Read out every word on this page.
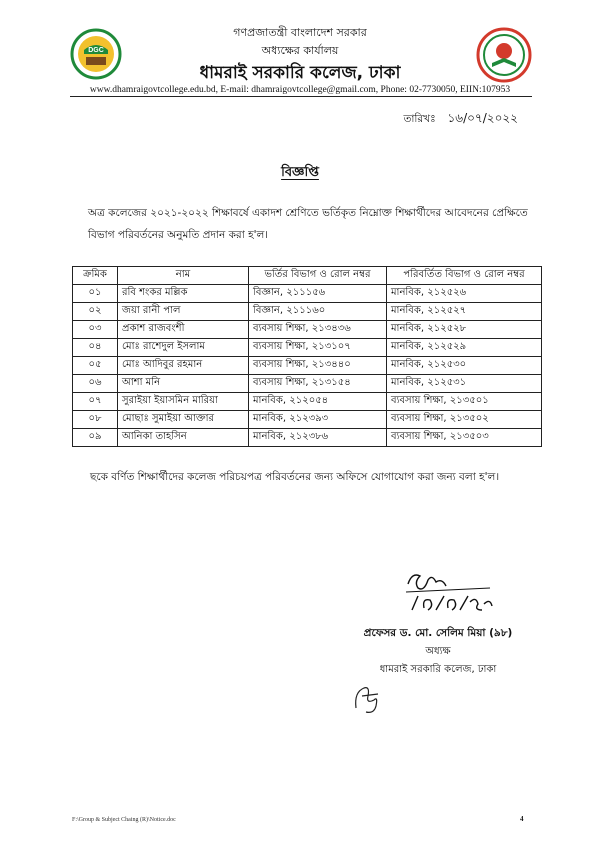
DGC
গণপ্রজাতন্ত্রী বাংলাদেশ সরকার
অধ্যক্ষের কার্যালয়
ধামরাই সরকারি কলেজ, ঢাকা
www.dhamraigovtcollege.edu.bd, E-mail: dhamraigovtcollege@gmail.com, Phone: 02-7730050, EIIN:107953
তারিখঃ ১৬/০৭/২০২২
বিজ্ঞপ্তি
অত্র কলেজের ২০২১-২০২২ শিক্ষাবর্ষে একাদশ শ্রেণিতে ভর্তিকৃত নিম্নোক্ত শিক্ষার্থীদের আবেদনের প্রেক্ষিতে বিভাগ পরিবর্তনের অনুমতি প্রদান করা হ'ল।
ক্রমিক	নাম	ভর্তির বিভাগ ও রোল নম্বর	পরিবর্তিত বিভাগ ও রোল নম্বর
০১	রবি শংকর মল্লিক	বিজ্ঞান, ২১১১৫৬	মানবিক, ২১২৫২৬
০২	জয়া রানী পাল	বিজ্ঞান, ২১১১৬০	মানবিক, ২১২৫২৭
০৩	প্রকাশ রাজবংশী	ব্যবসায় শিক্ষা, ২১৩৪৩৬	মানবিক, ২১২৫২৮
০৪	মোঃ রাশেদুল ইসলাম	ব্যবসায় শিক্ষা, ২১৩১০৭	মানবিক, ২১২৫২৯
০৫	মোঃ আদিবুর রহমান	ব্যবসায় শিক্ষা, ২১৩৪৪০	মানবিক, ২১২৫৩০
০৬	আশা মনি	ব্যবসায় শিক্ষা, ২১৩১৫৪	মানবিক, ২১২৫৩১
০৭	সুরাইয়া ইয়াসমিন মারিয়া	মানবিক, ২১২০৫৪	ব্যবসায় শিক্ষা, ২১৩৫০১
০৮	মোছাঃ সুমাইয়া আক্তার	মানবিক, ২১২৩৯৩	ব্যবসায় শিক্ষা, ২১৩৫০২
০৯	আনিকা তাহসিন	মানবিক, ২১২৩৮৬	ব্যবসায় শিক্ষা, ২১৩৫০৩
ছকে বর্ণিত শিক্ষার্থীদের কলেজ পরিচয়পত্র পরিবর্তনের জন্য অফিসে যোগাযোগ করা জন্য বলা হ'ল।
প্রফেসর ড. মো. সেলিম মিয়া (৯৮)
অধ্যক্ষ
ধামরাই সরকারি কলেজ, ঢাকা
F:\Group & Subject Chaing (R)\Notice.doc	4
